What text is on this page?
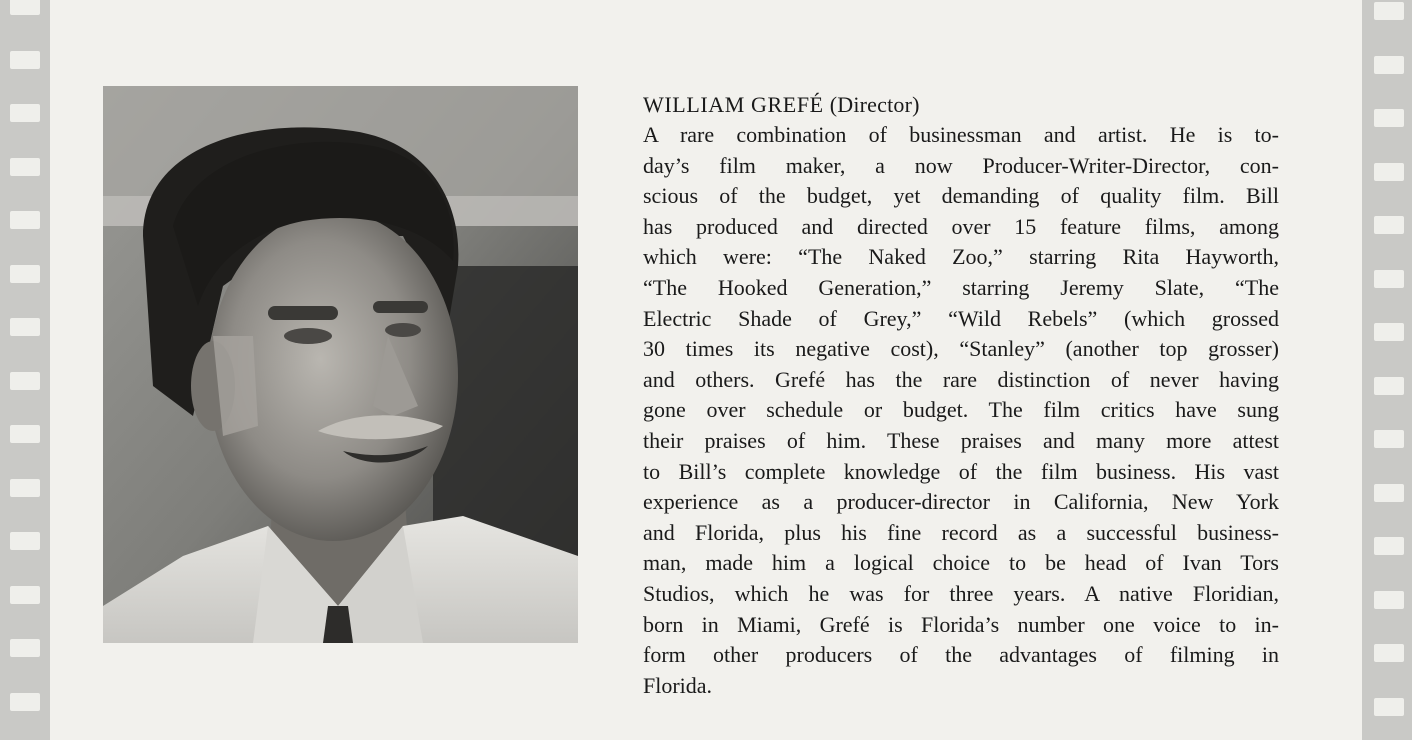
WILLIAM GREFÉ (Director)
A rare combination of businessman and artist. He is to-
day’s film maker, a now Producer-Writer-Director, con-
scious of the budget, yet demanding of quality film. Bill
has produced and directed over 15 feature films, among
which were: “The Naked Zoo,” starring Rita Hayworth,
“The Hooked Generation,” starring Jeremy Slate, “The
Electric Shade of Grey,” “Wild Rebels” (which grossed
30 times its negative cost), “Stanley” (another top grosser)
and others. Grefé has the rare distinction of never having
gone over schedule or budget. The film critics have sung
their praises of him. These praises and many more attest
to Bill’s complete knowledge of the film business. His vast
experience as a producer-director in California, New York
and Florida, plus his fine record as a successful business-
man, made him a logical choice to be head of Ivan Tors
Studios, which he was for three years. A native Floridian,
born in Miami, Grefé is Florida’s number one voice to in-
form other producers of the advantages of filming in
Florida.
